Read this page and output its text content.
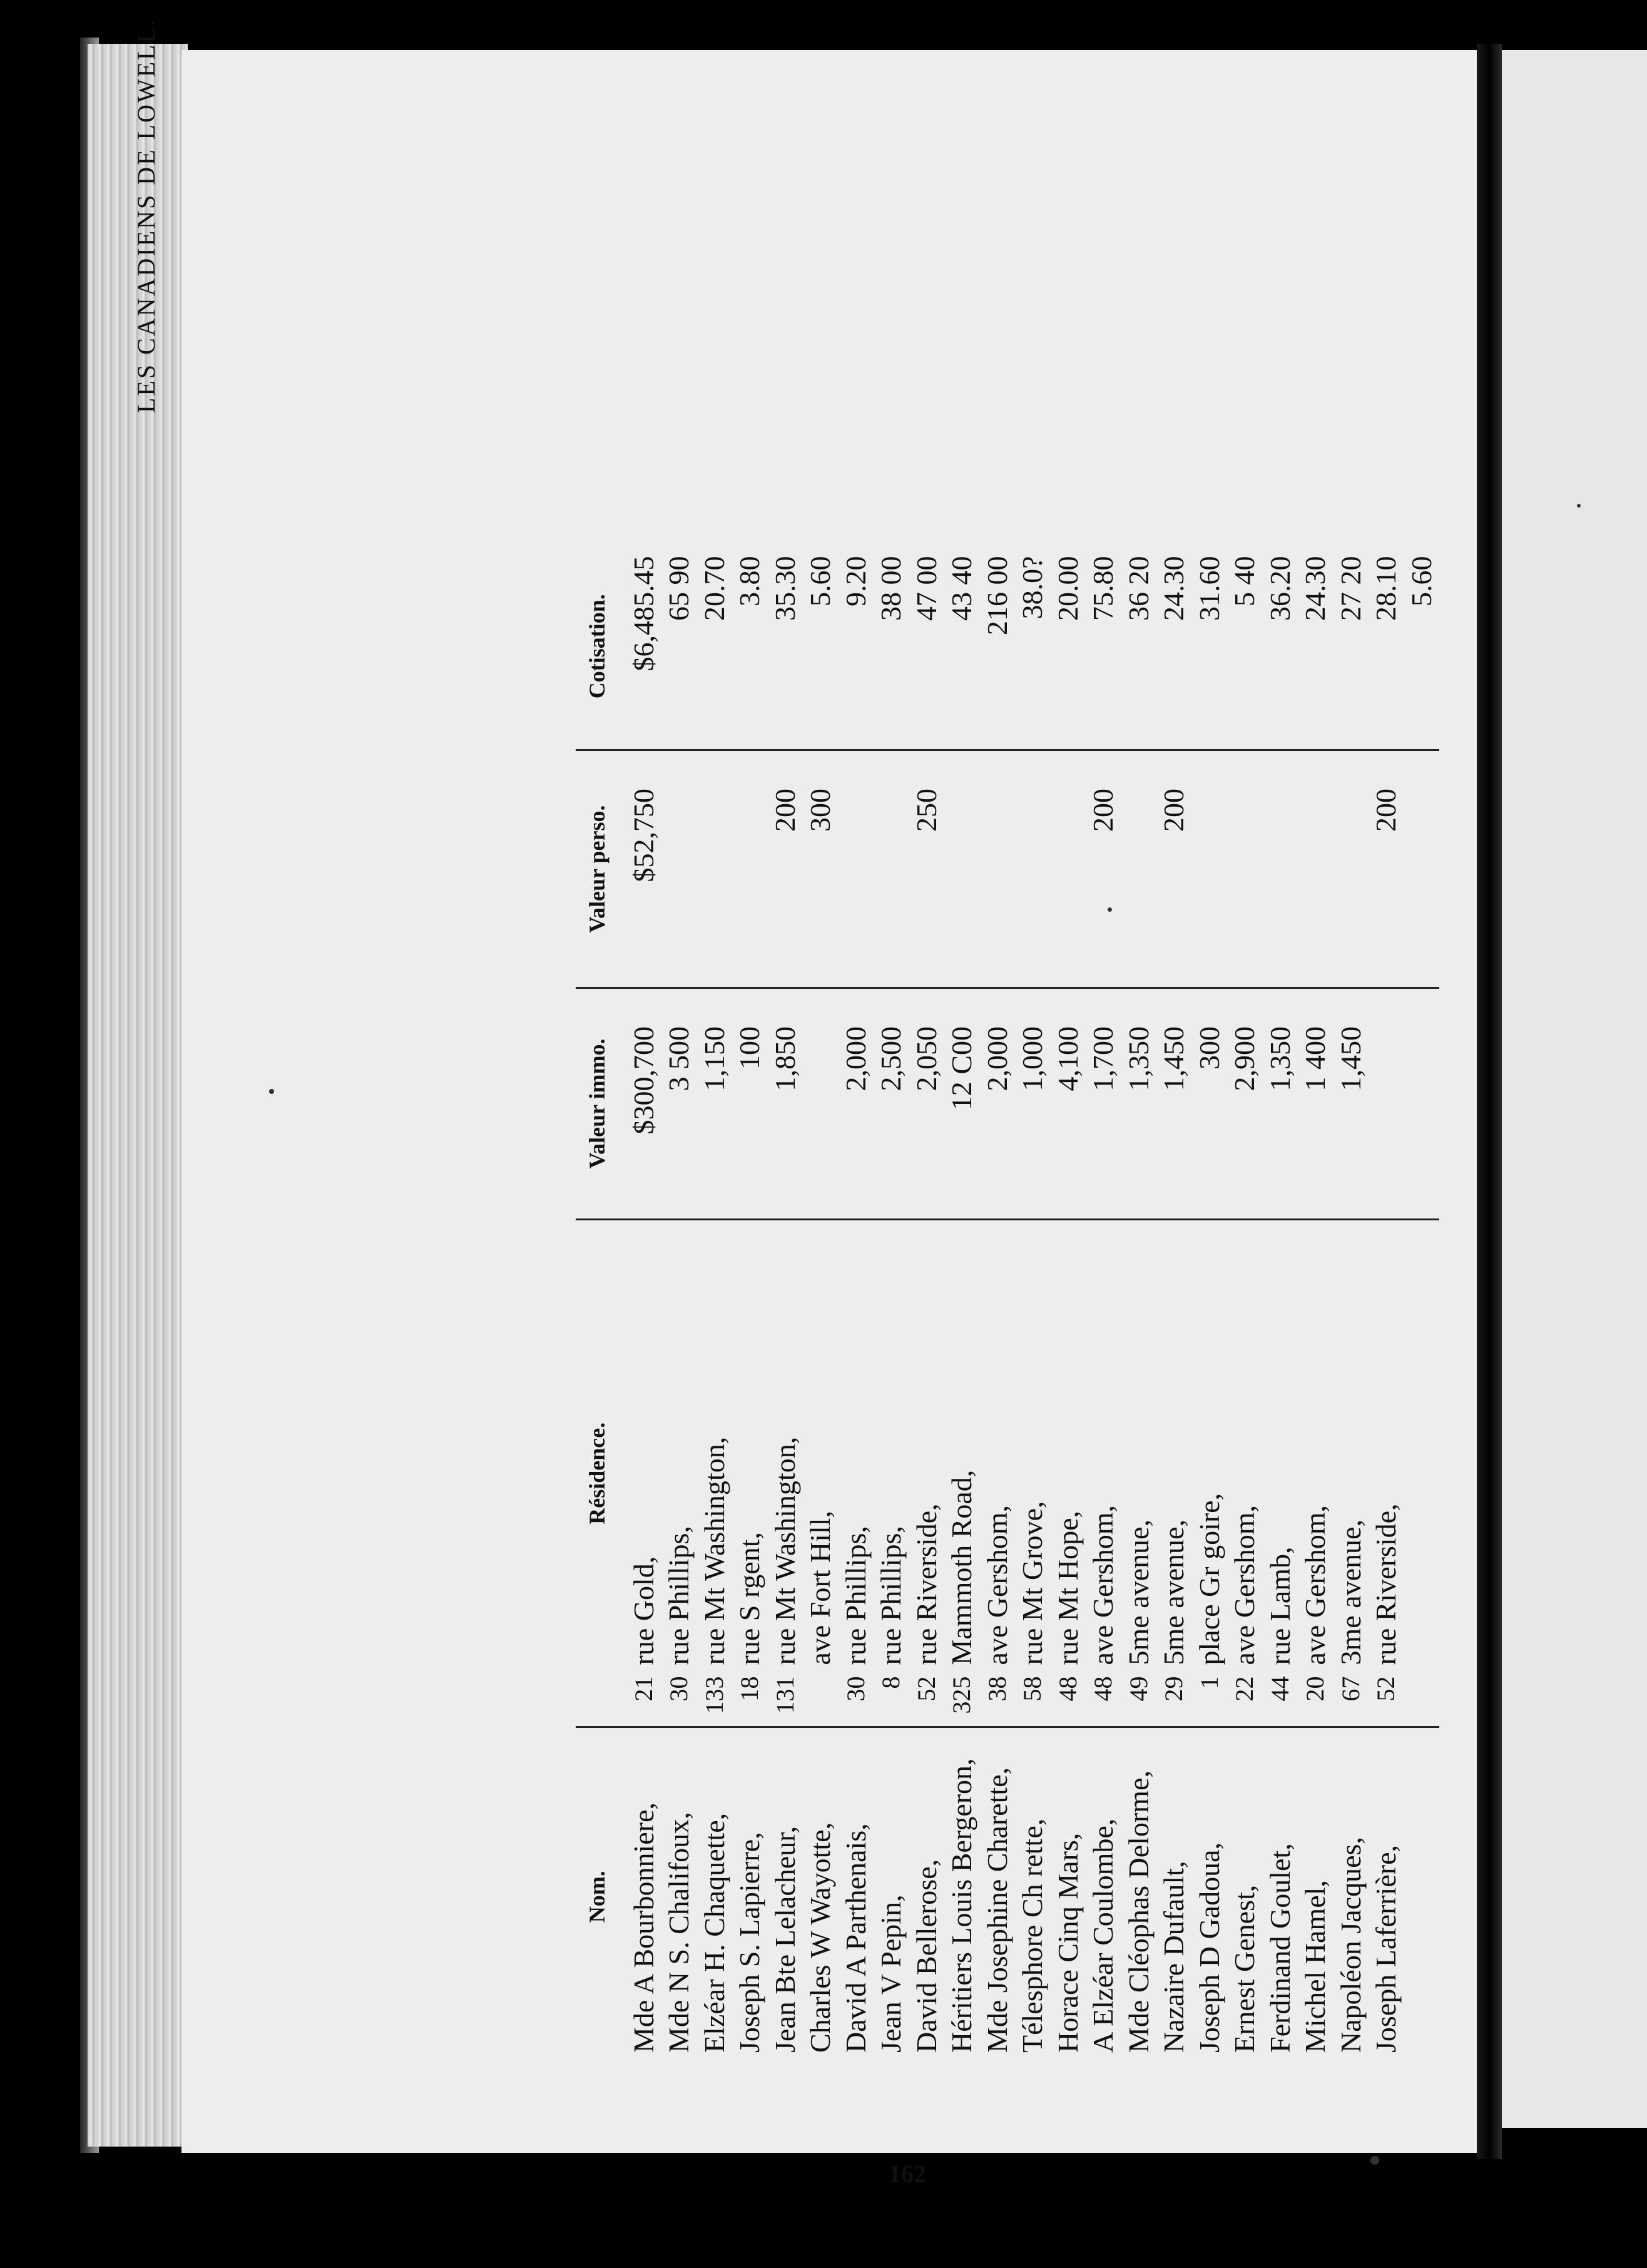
LES CANADIENS DE LOWELL.
Nom.	Résidence.		Valeur immo.	Valeur perso.	Cotisation.
Mde A Bourbonniere,	21	rue Gold,	$300,700	$52,750	$6,485.45
Mde N S. Chalifoux,	30	rue Phillips,	3 500		65 90
Elzéar H. Chaquette,	133	rue Mt Washington,	1,150		20.70
Joseph S. Lapierre,	18	rue S rgent,	100		3.80
Jean Bte Lelacheur,	131	rue Mt Washington,	1,850	200	35.30
Charles W Wayotte,		ave Fort Hill,		300	5.60
David A Parthenais,	30	rue Phillips,	2,000		9.20
Jean V Pepin,	8	rue Phillips,	2,500		38 00
David Bellerose,	52	rue Riverside,	2,050	250	47 00
Héritiers Louis Bergeron,	325	Mammoth Road,	12 C00		43 40
Mde Josephine Charette,	38	ave Gershom,	2,000		216 00
Télesphore Ch rette,	58	rue Mt Grove,	1,000		38.0?
Horace Cinq Mars,	48	rue Mt Hope,	4,100		20.00
A Elzéar Coulombe,	48	ave Gershom,	1,700	200	75.80
Mde Cléophas Delorme,	49	5me avenue,	1,350		36 20
Nazaire Dufault,	29	5me avenue,	1,450	200	24.30
Joseph D Gadoua,	1	place Gr goire,	300		31.60
Ernest Genest,	22	ave Gershom,	2,900		5 40
Ferdinand Goulet,	44	rue Lamb,	1,350		36.20
Michel Hamel,	20	ave Gershom,	1 400		24.30
Napoléon Jacques,	67	3me avenue,	1,450		27 20
Joseph Laferrière,	52	rue Riverside,		200	28.10
					5.60
162
